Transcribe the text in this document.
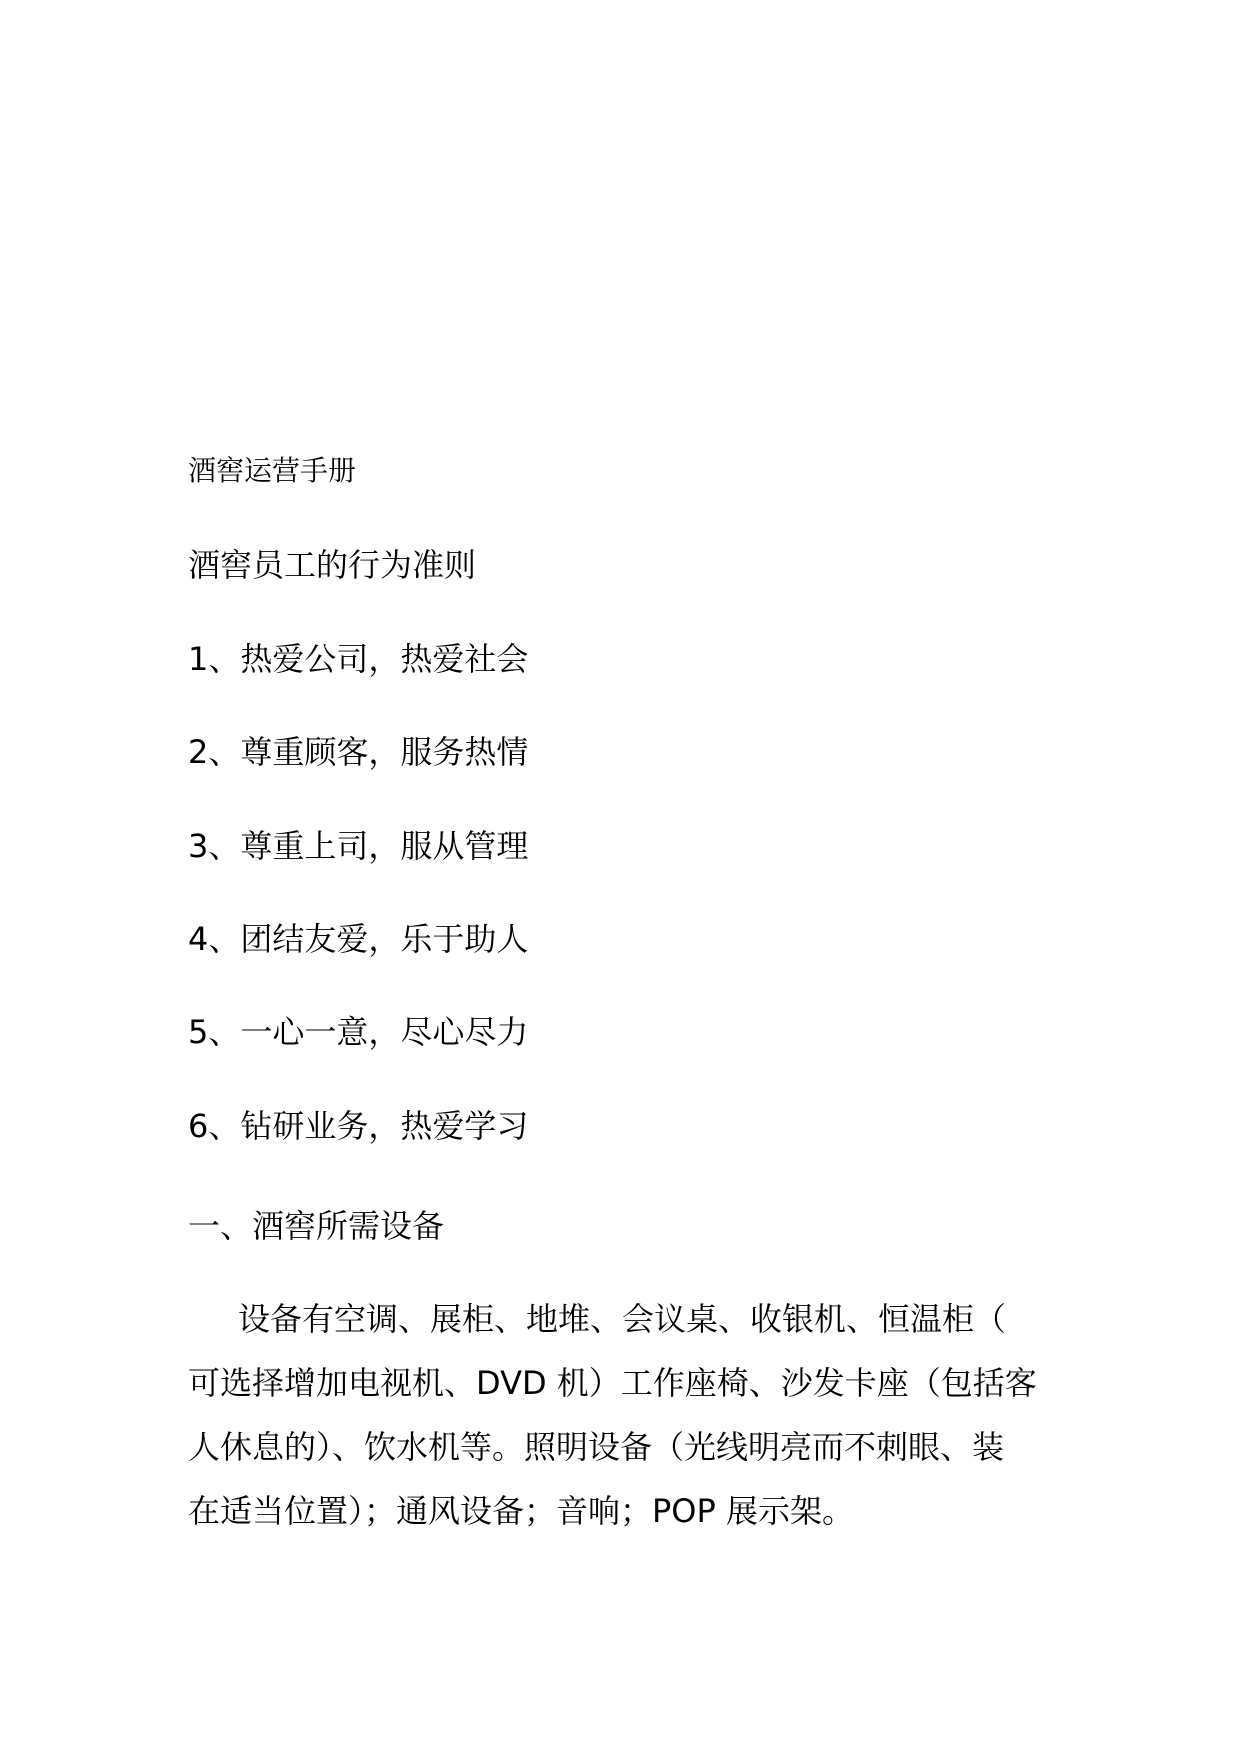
酒窖运营手册
酒窖员工的行为准则
1、热爱公司，热爱社会
2、尊重顾客，服务热情
3、尊重上司，服从管理
4、团结友爱，乐于助人
5、一心一意，尽心尽力
6、钻研业务，热爱学习
一、酒窖所需设备
设备有空调、展柜、地堆、会议桌、收银机、恒温柜（
可选择增加电视机、DVD 机）工作座椅、沙发卡座（包括客
人休息的）、饮水机等。照明设备（光线明亮而不刺眼、装
在适当位置）；通风设备；音响；POP 展示架。
